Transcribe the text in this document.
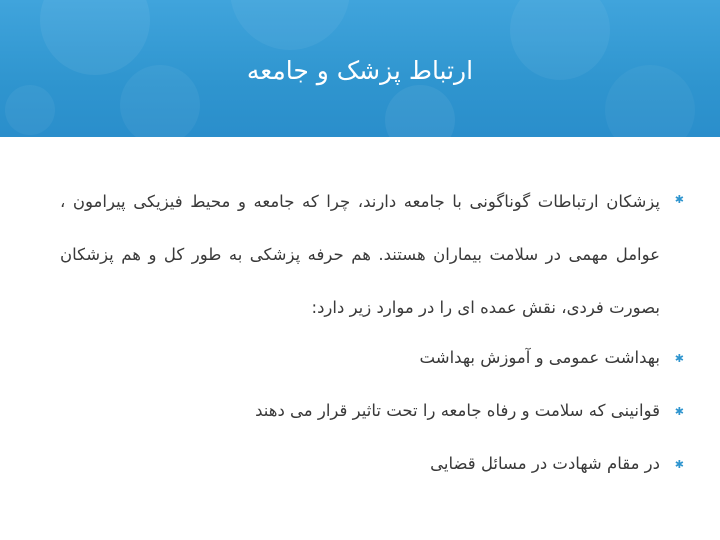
ارتباط پزشک و جامعه
✱
پزشکان ارتباطات گوناگونی با جامعه دارند، چرا که جامعه و محیط فیزیکی پیرامون ، عوامل مهمی در سلامت بیماران هستند. هم حرفه پزشکی به طور کل و هم پزشکان بصورت فردی، نقش عمده ای را در موارد زیر دارد:
✱
بهداشت عمومی و آموزش بهداشت
✱
قوانینی که سلامت و رفاه جامعه را تحت تاثیر قرار می دهند
✱
در مقام شهادت در مسائل قضایی
